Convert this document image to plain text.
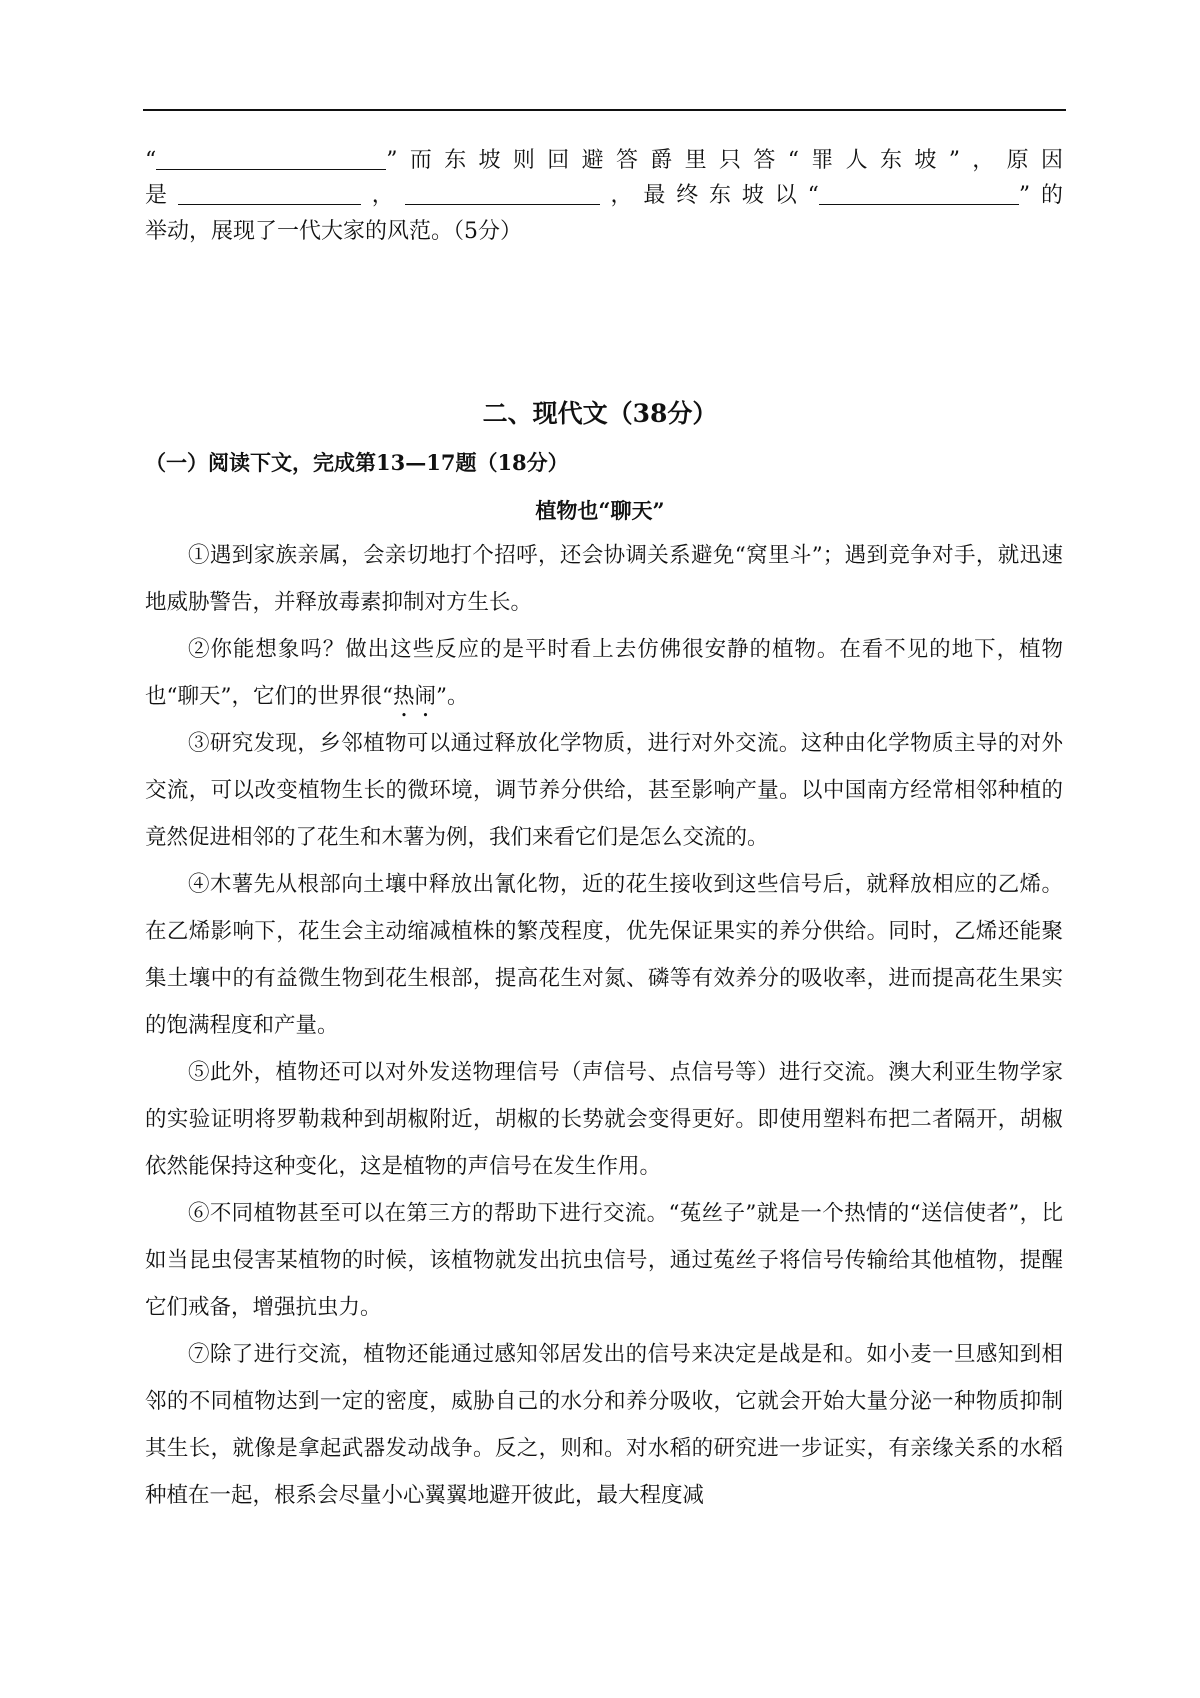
“	”而东坡则回避答爵里只答“罪人东坡”，原因
是	，	，最终东坡以“	”的
举动，展现了一代大家的风范。（5分）
二、现代文（38分）
（一）阅读下文，完成第13—17题（18分）
植物也“聊天”

①遇到家族亲属，会亲切地打个招呼，还会协调关系避免“窝里斗”；遇到竞争对手，就迅速地威胁警告，并释放毒素抑制对方生长。

②你能想象吗？做出这些反应的是平时看上去仿佛很安静的植物。在看不见的地下，植物也“聊天”，它们的世界很“热闹”。

③研究发现，乡邻植物可以通过释放化学物质，进行对外交流。这种由化学物质主导的对外交流，可以改变植物生长的微环境，调节养分供给，甚至影响产量。以中国南方经常相邻种植的竟然促进相邻的了花生和木薯为例，我们来看它们是怎么交流的。

④木薯先从根部向土壤中释放出氰化物，近的花生接收到这些信号后，就释放相应的乙烯。在乙烯影响下，花生会主动缩减植株的繁茂程度，优先保证果实的养分供给。同时，乙烯还能聚集土壤中的有益微生物到花生根部，提高花生对氮、磷等有效养分的吸收率，进而提高花生果实的饱满程度和产量。

⑤此外，植物还可以对外发送物理信号（声信号、点信号等）进行交流。澳大利亚生物学家的实验证明将罗勒栽种到胡椒附近，胡椒的长势就会变得更好。即使用塑料布把二者隔开，胡椒依然能保持这种变化，这是植物的声信号在发生作用。

⑥不同植物甚至可以在第三方的帮助下进行交流。“菟丝子”就是一个热情的“送信使者”，比如当昆虫侵害某植物的时候，该植物就发出抗虫信号，通过菟丝子将信号传输给其他植物，提醒它们戒备，增强抗虫力。

⑦除了进行交流，植物还能通过感知邻居发出的信号来决定是战是和。如小麦一旦感知到相邻的不同植物达到一定的密度，威胁自己的水分和养分吸收，它就会开始大量分泌一种物质抑制其生长，就像是拿起武器发动战争。反之，则和。对水稻的研究进一步证实，有亲缘关系的水稻种植在一起，根系会尽量小心翼翼地避开彼此，最大程度减
